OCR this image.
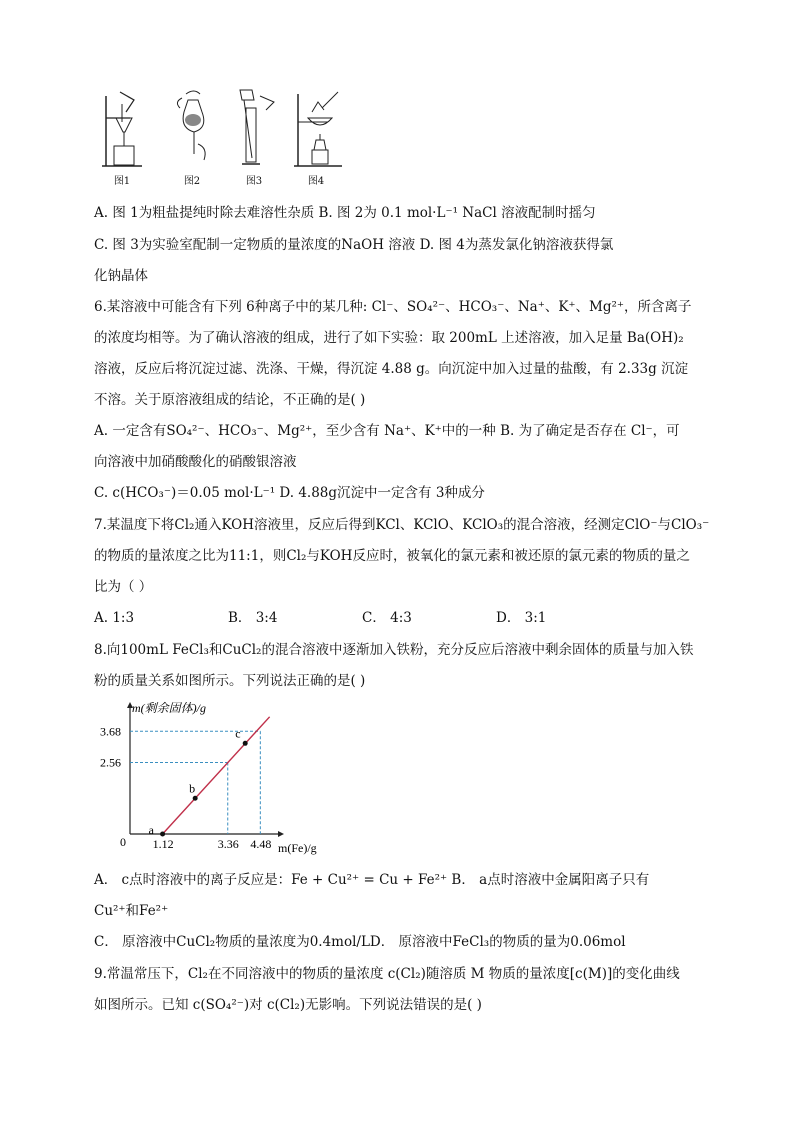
图1	图2	图3	图4
A. 图 1为粗盐提纯时除去难溶性杂质 B. 图 2为 0.1 mol·L⁻¹ NaCl 溶液配制时摇匀
C. 图 3为实验室配制一定物质的量浓度的NaOH 溶液 D. 图 4为蒸发氯化钠溶液获得氯
化钠晶体
6.某溶液中可能含有下列 6种离子中的某几种: Cl⁻、SO₄²⁻、HCO₃⁻、Na⁺、K⁺、Mg²⁺，所含离子
的浓度均相等。为了确认溶液的组成，进行了如下实验：取 200mL 上述溶液，加入足量 Ba(OH)₂
溶液，反应后将沉淀过滤、洗涤、干燥，得沉淀 4.88 g。向沉淀中加入过量的盐酸，有 2.33g 沉淀
不溶。关于原溶液组成的结论，不正确的是( )
A. 一定含有SO₄²⁻、HCO₃⁻、Mg²⁺，至少含有 Na⁺、K⁺中的一种 B. 为了确定是否存在 Cl⁻，可
向溶液中加硝酸酸化的硝酸银溶液
C. c(HCO₃⁻)＝0.05 mol·L⁻¹ D. 4.88g沉淀中一定含有 3种成分
7.某温度下将Cl₂通入KOH溶液里，反应后得到KCl、KClO、KClO₃的混合溶液，经测定ClO⁻与ClO₃⁻
的物质的量浓度之比为11:1，则Cl₂与KOH反应时，被氧化的氯元素和被还原的氯元素的物质的量之
比为（ ）
A. 1:3	B． 3:4	C． 4:3	D． 3:1
8.向100mL FeCl₃和CuCl₂的混合溶液中逐渐加入铁粉，充分反应后溶液中剩余固体的质量与加入铁
粉的质量关系如图所示。下列说法正确的是( )
m(剩余固体)/g
m(Fe)/g
0 1.12	3.36 4.48
3.68
2.56
a
b
c
A． c点时溶液中的离子反应是：Fe + Cu²⁺ = Cu + Fe²⁺ B． a点时溶液中金属阳离子只有
Cu²⁺和Fe²⁺
C． 原溶液中CuCl₂物质的量浓度为0.4mol/LD． 原溶液中FeCl₃的物质的量为0.06mol
9.常温常压下，Cl₂在不同溶液中的物质的量浓度 c(Cl₂)随溶质 M 物质的量浓度[c(M)]的变化曲线
如图所示。已知 c(SO₄²⁻)对 c(Cl₂)无影响。下列说法错误的是( )
